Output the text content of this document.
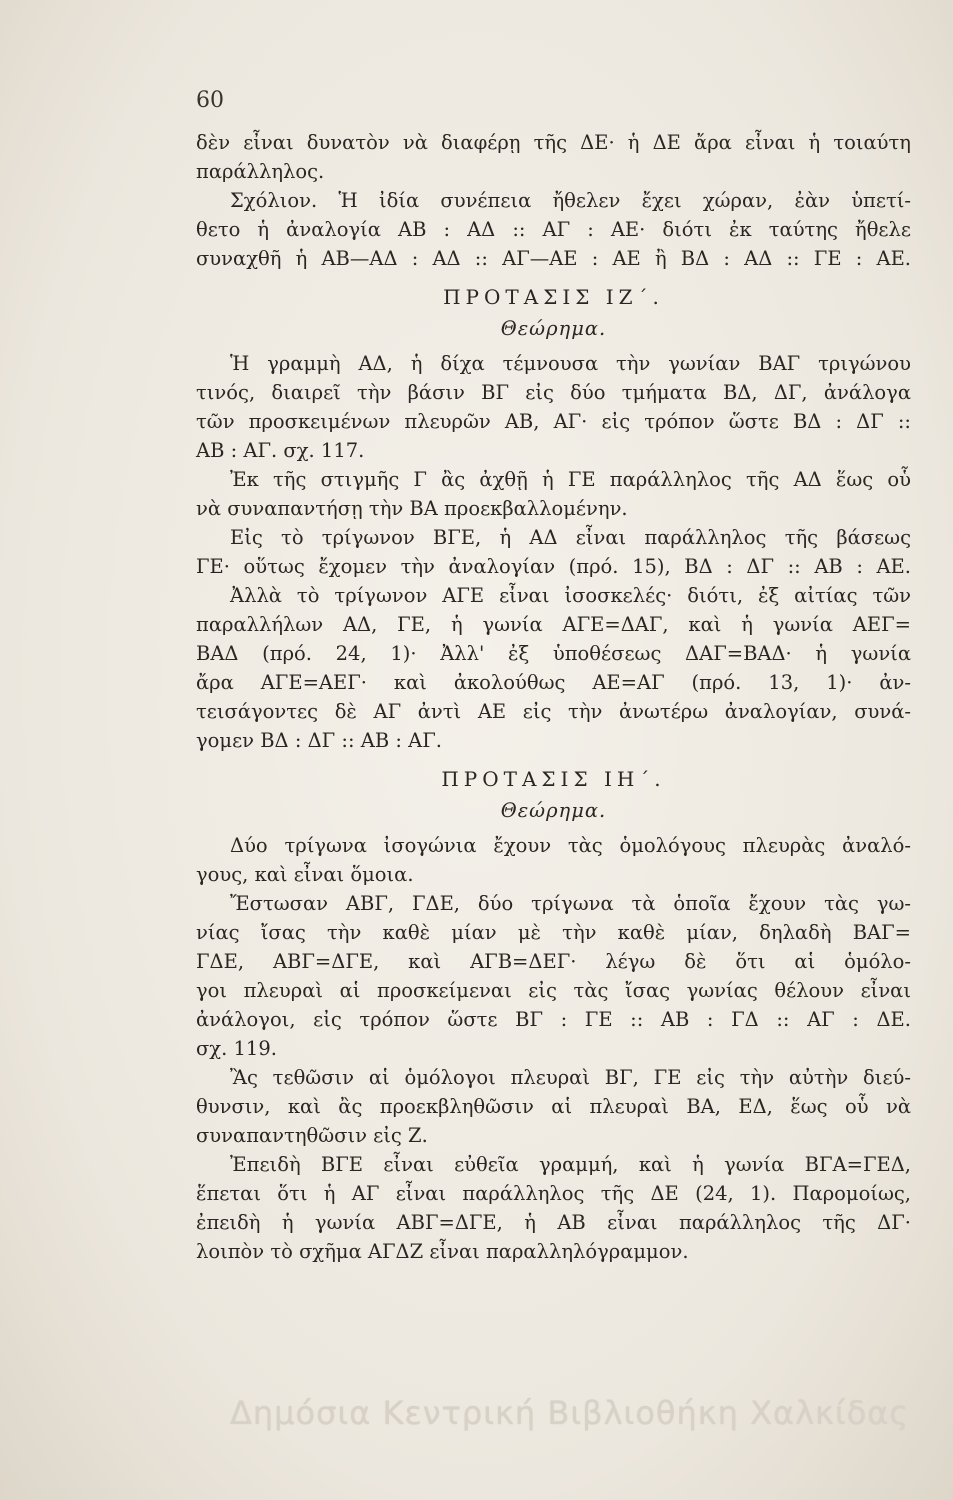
60
δὲν εἶναι δυνατὸν νὰ διαφέρῃ τῆς ΔΕ· ἡ ΔΕ ἄρα εἶναι ἡ τοιαύτη
παράλληλος.
Σχόλιον. Ἡ ἰδία συνέπεια ἤθελεν ἔχει χώραν, ἐὰν ὑπετί-
θετο ἡ ἀναλογία ΑΒ : ΑΔ :: ΑΓ : ΑΕ· διότι ἐκ ταύτης ἤθελε
συναχθῆ ἡ ΑΒ—ΑΔ : ΑΔ :: ΑΓ—ΑΕ : ΑΕ ἢ ΒΔ : ΑΔ :: ΓΕ : ΑΕ.
ΠΡΟΤΑΣΙΣ ΙΖ΄.
Θεώρημα.
Ἡ γραμμὴ ΑΔ, ἡ δίχα τέμνουσα τὴν γωνίαν ΒΑΓ τριγώνου
τινός, διαιρεῖ τὴν βάσιν ΒΓ εἰς δύο τμήματα ΒΔ, ΔΓ, ἀνάλογα
τῶν προσκειμένων πλευρῶν ΑΒ, ΑΓ· εἰς τρόπον ὥστε ΒΔ : ΔΓ ::
ΑΒ : ΑΓ. σχ. 117.
Ἐκ τῆς στιγμῆς Γ ἂς ἀχθῇ ἡ ΓΕ παράλληλος τῆς ΑΔ ἕως οὗ
νὰ συναπαντήσῃ τὴν ΒΑ προεκβαλλομένην.
Εἰς τὸ τρίγωνον ΒΓΕ, ἡ ΑΔ εἶναι παράλληλος τῆς βάσεως
ΓΕ· οὕτως ἔχομεν τὴν ἀναλογίαν (πρό. 15), ΒΔ : ΔΓ :: ΑΒ : ΑΕ.
Ἀλλὰ τὸ τρίγωνον ΑΓΕ εἶναι ἰσοσκελές· διότι, ἐξ αἰτίας τῶν
παραλλήλων ΑΔ, ΓΕ, ἡ γωνία ΑΓΕ=ΔΑΓ, καὶ ἡ γωνία ΑΕΓ=
ΒΑΔ (πρό. 24, 1)· Ἀλλ' ἐξ ὑποθέσεως ΔΑΓ=ΒΑΔ· ἡ γωνία
ἄρα ΑΓΕ=ΑΕΓ· καὶ ἀκολούθως ΑΕ=ΑΓ (πρό. 13, 1)· ἀν-
τεισάγοντες δὲ ΑΓ ἀντὶ ΑΕ εἰς τὴν ἀνωτέρω ἀναλογίαν, συνά-
γομεν ΒΔ : ΔΓ :: ΑΒ : ΑΓ.
ΠΡΟΤΑΣΙΣ ΙΗ΄.
Θεώρημα.
Δύο τρίγωνα ἰσογώνια ἔχουν τὰς ὁμολόγους πλευρὰς ἀναλό-
γους, καὶ εἶναι ὅμοια.
Ἔστωσαν ΑΒΓ, ΓΔΕ, δύο τρίγωνα τὰ ὁποῖα ἔχουν τὰς γω-
νίας ἴσας τὴν καθὲ μίαν μὲ τὴν καθὲ μίαν, δηλαδὴ ΒΑΓ=
ΓΔΕ, ΑΒΓ=ΔΓΕ, καὶ ΑΓΒ=ΔΕΓ· λέγω δὲ ὅτι αἱ ὁμόλο-
γοι πλευραὶ αἱ προσκείμεναι εἰς τὰς ἴσας γωνίας θέλουν εἶναι
ἀνάλογοι, εἰς τρόπον ὥστε ΒΓ : ΓΕ :: ΑΒ : ΓΔ :: ΑΓ : ΔΕ.
σχ. 119.
Ἂς τεθῶσιν αἱ ὁμόλογοι πλευραὶ ΒΓ, ΓΕ εἰς τὴν αὐτὴν διεύ-
θυνσιν, καὶ ἂς προεκβληθῶσιν αἱ πλευραὶ ΒΑ, ΕΔ, ἕως οὗ νὰ
συναπαντηθῶσιν εἰς Ζ.
Ἐπειδὴ ΒΓΕ εἶναι εὐθεῖα γραμμή, καὶ ἡ γωνία ΒΓΑ=ΓΕΔ,
ἕπεται ὅτι ἡ ΑΓ εἶναι παράλληλος τῆς ΔΕ (24, 1). Παρομοίως,
ἐπειδὴ ἡ γωνία ΑΒΓ=ΔΓΕ, ἡ ΑΒ εἶναι παράλληλος τῆς ΔΓ·
λοιπὸν τὸ σχῆμα ΑΓΔΖ εἶναι παραλληλόγραμμον.
Δημόσια Κεντρική Βιβλιοθήκη Χαλκίδας
